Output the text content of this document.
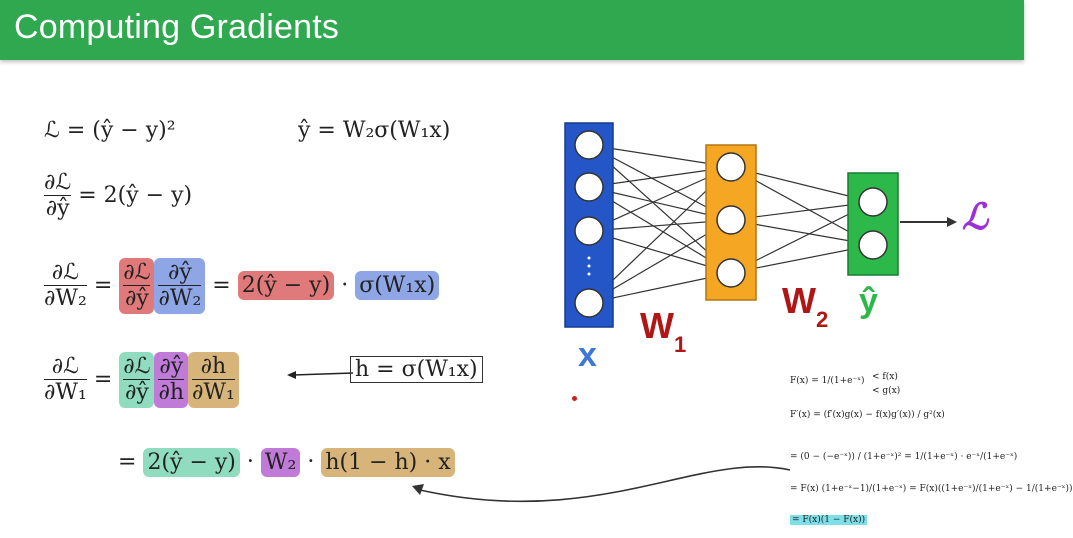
Computing Gradients
ℒ = (ŷ − y)²	ŷ = W₂σ(W₁x)
$\frac{\text{∂ℒ}}{\partial ŷ}$ = 2(ŷ − y)
$\frac{\text{∂ℒ}}{\text{∂W₂}} = \frac{\text{∂ℒ}}{\partial ŷ} \frac{\partial ŷ}{\text{∂W₂}}$ = 2(ŷ − y) · σ(W₁x)
$\frac{\text{∂ℒ}}{\text{∂W₁}} = \frac{\text{∂ℒ}}{\partial ŷ} \frac{\partial ŷ}{\partial h} \frac{\partial h}{\text{∂W₁}}$	h = σ(W₁x)
= 2(ŷ − y) · W₂ · h(1 − h) · x
x
$W_1$
$W_2$ ŷ
ℒ
F(x) = 1/(1+e⁻ˣ) < f(x)
< g(x)
F′(x) = (f′(x)g(x) − f(x)g′(x)) / g²(x)
= (0 − (−e⁻ˣ)) / (1+e⁻ˣ)² = 1/(1+e⁻ˣ) · e⁻ˣ/(1+e⁻ˣ)
= F(x) (1+e⁻ˣ−1)/(1+e⁻ˣ) = F(x)((1+e⁻ˣ)/(1+e⁻ˣ) − 1/(1+e⁻ˣ))
= F(x)(1 − F(x))
